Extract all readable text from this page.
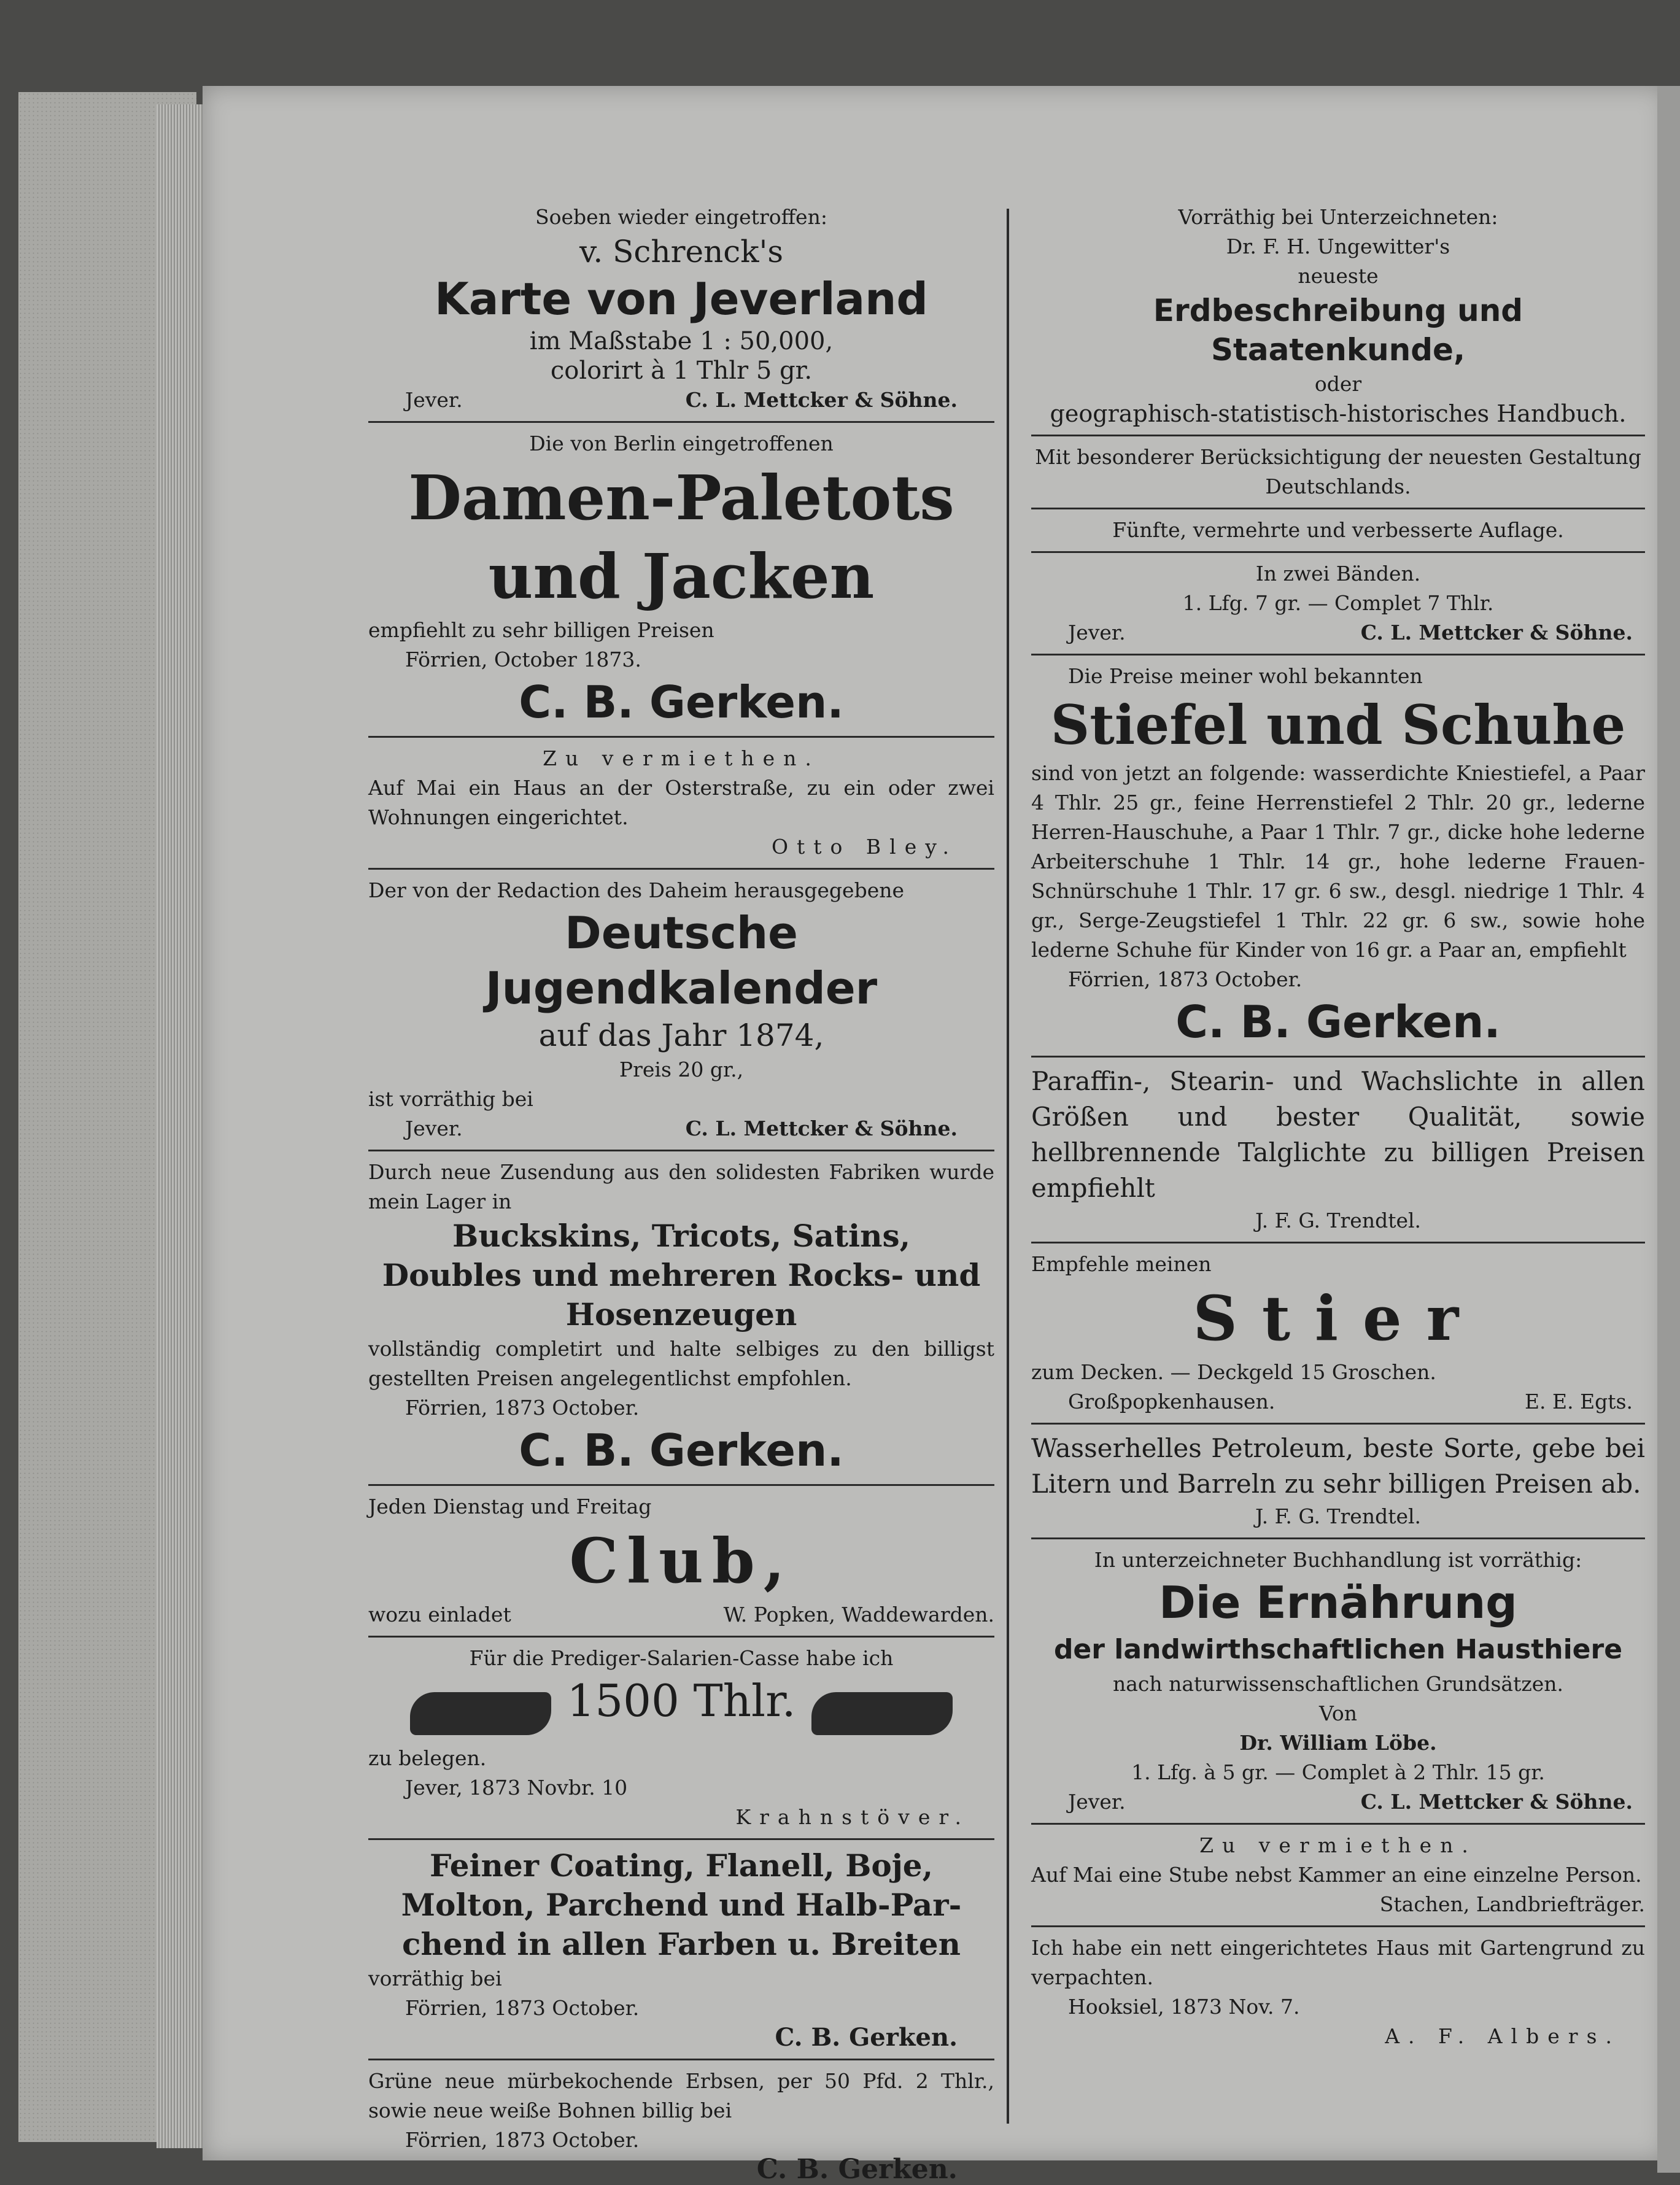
Soeben wieder eingetroffen:
v. Schrenck's
Karte von Jeverland
im Maßstabe 1 : 50,000,
colorirt à 1 Thlr 5 gr.
Jever.	C. L. Mettcker & Söhne.
Die von Berlin eingetroffenen
Damen-Paletots
und Jacken
empfiehlt zu sehr billigen Preisen
Förrien, October 1873.
C. B. Gerken.
Zu vermiethen.
Auf Mai ein Haus an der Osterstraße, zu ein oder zwei Wohnungen eingerichtet.
Otto Bley.
Der von der Redaction des Daheim herausgegebene
Deutsche Jugendkalender
auf das Jahr 1874,
Preis 20 gr.,
ist vorräthig bei
Jever.	C. L. Mettcker & Söhne.
Durch neue Zusendung aus den solidesten Fabriken wurde mein Lager in
Buckskins, Tricots, Satins,
Doubles und mehreren Rocks- und
Hosenzeugen
vollständig completirt und halte selbiges zu den billigst gestellten Preisen angelegentlichst empfohlen.
Förrien, 1873 October.
C. B. Gerken.
Jeden Dienstag und Freitag
Club,
wozu einladet	W. Popken, Waddewarden.
Für die Prediger-Salarien-Casse habe ich
1500 Thlr.
zu belegen.
Jever, 1873 Novbr. 10
Krahnstöver.
Feiner Coating, Flanell, Boje,
Molton, Parchend und Halb-Par-
chend in allen Farben u. Breiten
vorräthig bei
Förrien, 1873 October.
C. B. Gerken.
Grüne neue mürbekochende Erbsen, per 50 Pfd. 2 Thlr., sowie neue weiße Bohnen billig bei
Förrien, 1873 October.
C. B. Gerken.
Vorräthig bei Unterzeichneten:
Dr. F. H. Ungewitter's
neueste
Erdbeschreibung und Staatenkunde,
oder
geographisch-statistisch-historisches Handbuch.
Mit besonderer Berücksichtigung der neuesten Gestaltung Deutschlands.
Fünfte, vermehrte und verbesserte Auflage.
In zwei Bänden.
1. Lfg. 7 gr. — Complet 7 Thlr.
Jever.	C. L. Mettcker & Söhne.
Die Preise meiner wohl bekannten
Stiefel und Schuhe
sind von jetzt an folgende: wasserdichte Kniestiefel, a Paar 4 Thlr. 25 gr., feine Herrenstiefel 2 Thlr. 20 gr., lederne Herren-Hauschuhe, a Paar 1 Thlr. 7 gr., dicke hohe lederne Arbeiterschuhe 1 Thlr. 14 gr., hohe lederne Frauen-Schnürschuhe 1 Thlr. 17 gr. 6 sw., desgl. niedrige 1 Thlr. 4 gr., Serge-Zeugstiefel 1 Thlr. 22 gr. 6 sw., sowie hohe lederne Schuhe für Kinder von 16 gr. a Paar an, empfiehlt
Förrien, 1873 October.
C. B. Gerken.
Paraffin-, Stearin- und Wachslichte in allen Größen und bester Qualität, sowie hellbrennende Talglichte zu billigen Preisen empfiehlt
J. F. G. Trendtel.
Empfehle meinen
Stier
zum Decken. — Deckgeld 15 Groschen.
Großpopkenhausen.	E. E. Egts.
Wasserhelles Petroleum, beste Sorte, gebe bei Litern und Barreln zu sehr billigen Preisen ab.
J. F. G. Trendtel.
In unterzeichneter Buchhandlung ist vorräthig:
Die Ernährung
der landwirthschaftlichen Hausthiere
nach naturwissenschaftlichen Grundsätzen.
Von
Dr. William Löbe.
1. Lfg. à 5 gr. — Complet à 2 Thlr. 15 gr.
Jever.	C. L. Mettcker & Söhne.
Zu vermiethen.
Auf Mai eine Stube nebst Kammer an eine einzelne Person.
Stachen, Landbriefträger.
Ich habe ein nett eingerichtetes Haus mit Gartengrund zu verpachten.
Hooksiel, 1873 Nov. 7.
A. F. Albers.
